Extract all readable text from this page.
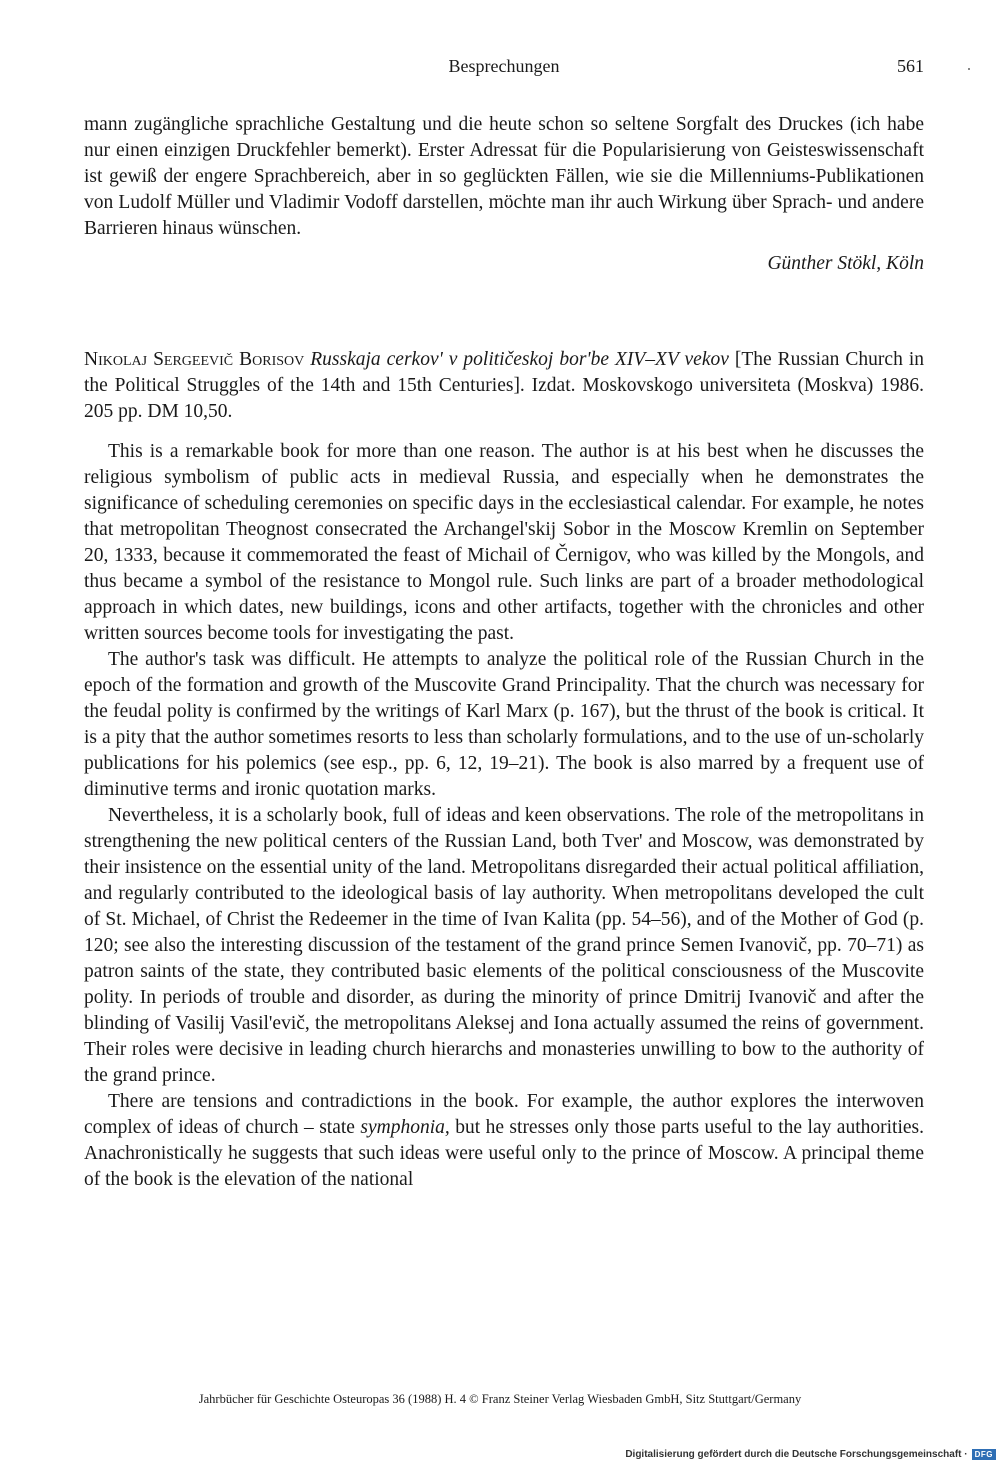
Besprechungen	561

mann zugängliche sprachliche Gestaltung und die heute schon so seltene Sorgfalt des Druckes (ich habe nur einen einzigen Druckfehler bemerkt). Erster Adressat für die Popularisierung von Geisteswissenschaft ist gewiß der engere Sprachbereich, aber in so geglückten Fällen, wie sie die Millenniums-Publikationen von Ludolf Müller und Vladimir Vodoff darstellen, möchte man ihr auch Wirkung über Sprach- und andere Barrieren hinaus wünschen.

Günther Stökl, Köln

Nikolaj Sergeevič Borisov Russkaja cerkov' v političeskoj bor'be XIV–XV vekov [The Russian Church in the Political Struggles of the 14th and 15th Centuries]. Izdat. Moskovskogo universiteta (Moskva) 1986. 205 pp. DM 10,50.

This is a remarkable book for more than one reason. The author is at his best when he discusses the religious symbolism of public acts in medieval Russia, and especially when he demonstrates the significance of scheduling ceremonies on specific days in the ecclesiastical calendar. For example, he notes that metropolitan Theognost consecrated the Archangel'skij Sobor in the Moscow Kremlin on September 20, 1333, because it commemorated the feast of Michail of Černigov, who was killed by the Mongols, and thus became a symbol of the resistance to Mongol rule. Such links are part of a broader methodological approach in which dates, new buildings, icons and other artifacts, together with the chronicles and other written sources become tools for investigating the past.

The author's task was difficult. He attempts to analyze the political role of the Russian Church in the epoch of the formation and growth of the Muscovite Grand Principality. That the church was necessary for the feudal polity is confirmed by the writings of Karl Marx (p. 167), but the thrust of the book is critical. It is a pity that the author sometimes resorts to less than scholarly formulations, and to the use of un-scholarly publications for his polemics (see esp., pp. 6, 12, 19–21). The book is also marred by a frequent use of diminutive terms and ironic quotation marks.

Nevertheless, it is a scholarly book, full of ideas and keen observations. The role of the metropolitans in strengthening the new political centers of the Russian Land, both Tver' and Moscow, was demonstrated by their insistence on the essential unity of the land. Metropolitans disregarded their actual political affiliation, and regularly contributed to the ideological basis of lay authority. When metropolitans developed the cult of St. Michael, of Christ the Redeemer in the time of Ivan Kalita (pp. 54–56), and of the Mother of God (p. 120; see also the interesting discussion of the testament of the grand prince Semen Ivanovič, pp. 70–71) as patron saints of the state, they contributed basic elements of the political consciousness of the Muscovite polity. In periods of trouble and disorder, as during the minority of prince Dmitrij Ivanovič and after the blinding of Vasilij Vasil'evič, the metropolitans Aleksej and Iona actually assumed the reins of government. Their roles were decisive in leading church hierarchs and monasteries unwilling to bow to the authority of the grand prince.

There are tensions and contradictions in the book. For example, the author explores the interwoven complex of ideas of church – state symphonia, but he stresses only those parts useful to the lay authorities. Anachronistically he suggests that such ideas were useful only to the prince of Moscow. A principal theme of the book is the elevation of the national

Jahrbücher für Geschichte Osteuropas 36 (1988) H. 4 © Franz Steiner Verlag Wiesbaden GmbH, Sitz Stuttgart/Germany
Digitalisierung gefördert durch die Deutsche Forschungsgemeinschaft · DFG
